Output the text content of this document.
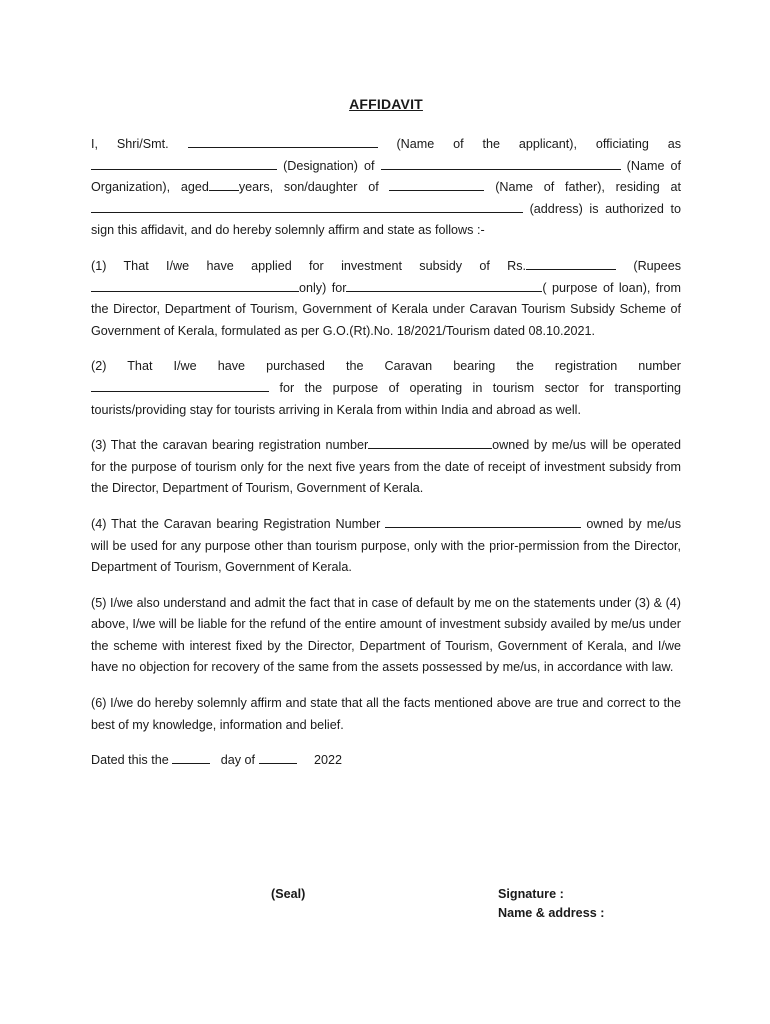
AFFIDAVIT

I, Shri/Smt.	(Name of the applicant), officiating as  (Designation) of	(Name of Organization), aged years, son/daughter of	(Name of father), residing at  (address) is authorized to sign this affidavit, and do hereby solemnly affirm and state as follows :-

(1) That I/we have applied for investment subsidy of Rs.	(Rupeesonly) for	( purpose of loan), from the Director, Department of Tourism, Government of Kerala under Caravan Tourism Subsidy Scheme of Government of Kerala, formulated as per G.O.(Rt).No. 18/2021/Tourism dated 08.10.2021.

(2) That I/we have purchased the Caravan bearing the registration number for the purpose of operating in tourism sector for transporting tourists/providing stay for tourists arriving in Kerala from within India and abroad as well.

(3) That the caravan bearing registration number	owned by me/us will be operated for the purpose of tourism only for the next five years from the date of receipt of investment subsidy from the Director, Department of Tourism, Government of Kerala.

(4) That the Caravan bearing Registration Number	owned by me/us will be used for any purpose other than tourism purpose, only with the prior-permission from the Director, Department of Tourism, Government of Kerala.

(5) I/we also understand and admit the fact that in case of default by me on the statements under (3) & (4) above, I/we will be liable for the refund of the entire amount of investment subsidy availed by me/us under the scheme with interest fixed by the Director, Department of Tourism, Government of Kerala, and I/we have no objection for recovery of the same from the assets possessed by me/us, in accordance with law.

(6) I/we do hereby solemnly affirm and state that all the facts mentioned above are true and correct to the best of my knowledge, information and belief.

Dated this the	day of	2022

(Seal)	Signature :
Name & address :
